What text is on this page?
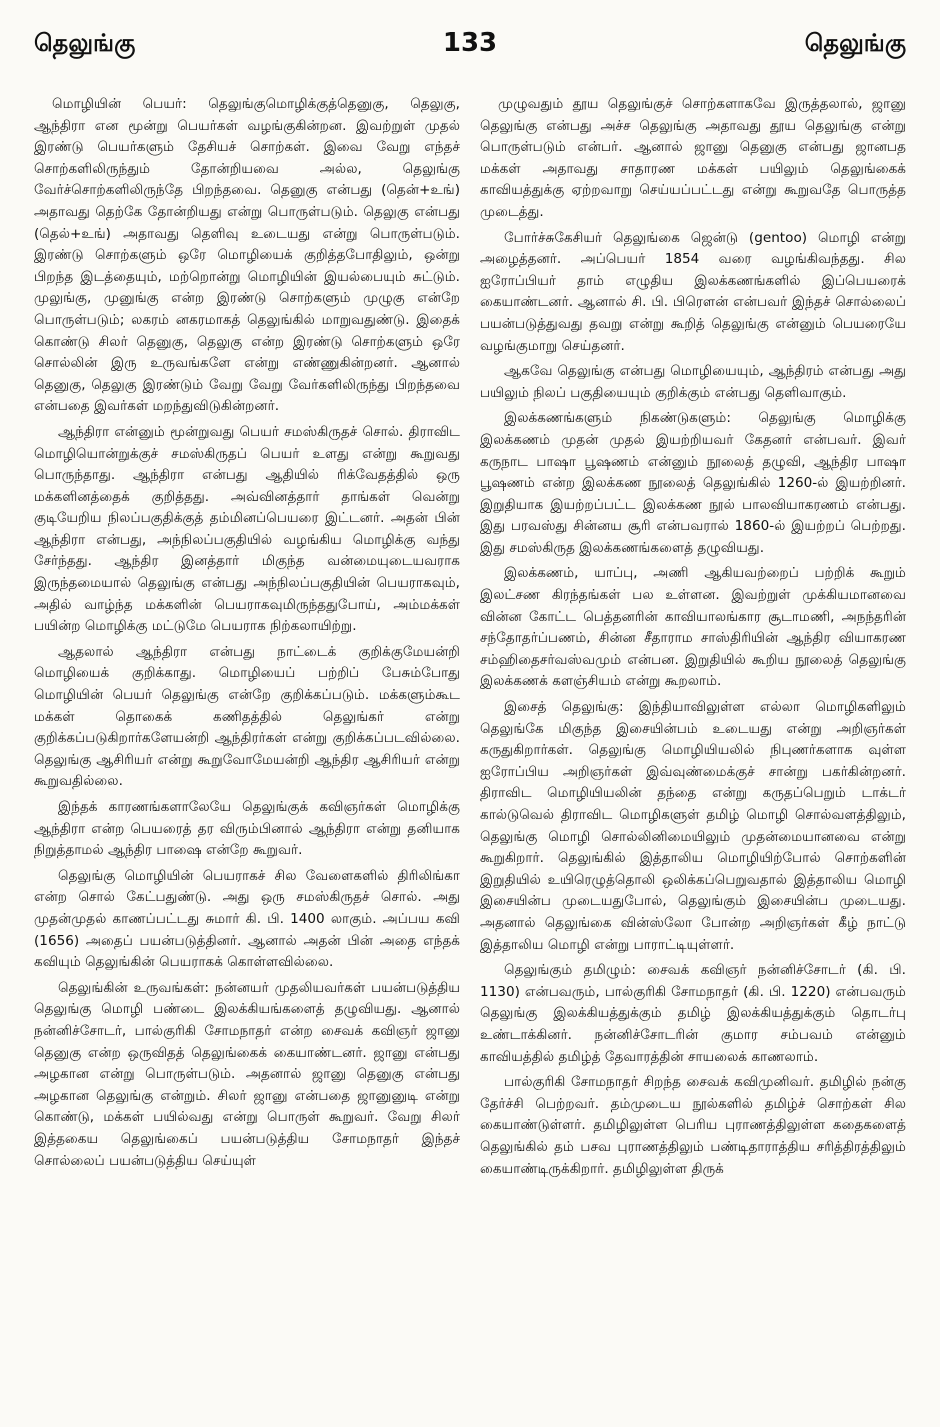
தெலுங்கு	133	தெலுங்கு

மொழியின் பெயர்: தெலுங்குமொழிக்குத்தெனுகு, தெலுகு, ஆந்திரா என மூன்று பெயர்கள் வழங்குகின்றன. இவற்றுள் முதல் இரண்டு பெயர்களும் தேசியச் சொற்கள். இவை வேறு எந்தச் சொற்களிலிருந்தும் தோன்றியவை அல்ல, தெலுங்கு வேர்ச்சொற்களிலிருந்தே பிறந்தவை. தெனுகு என்பது (தென்+உங்) அதாவது தெற்கே தோன்றியது என்று பொருள்படும். தெலுகு என்பது (தெல்+உங்) அதாவது தெளிவு உடையது என்று பொருள்படும். இரண்டு சொற்களும் ஒரே மொழியைக் குறித்தபோதிலும், ஒன்று பிறந்த இடத்தையும், மற்றொன்று மொழியின் இயல்பையும் சுட்டும். முலுங்கு, முனுங்கு என்ற இரண்டு சொற்களும் முழுகு என்றே பொருள்படும்; லகரம் னகரமாகத் தெலுங்கில் மாறுவதுண்டு. இதைக் கொண்டு சிலர் தெனுகு, தெலுகு என்ற இரண்டு சொற்களும் ஒரே சொல்லின் இரு உருவங்களே என்று எண்ணுகின்றனர். ஆனால் தெனுகு, தெலுகு இரண்டும் வேறு வேறு வேர்களிலிருந்து பிறந்தவை என்பதை இவர்கள் மறந்துவிடுகின்றனர்.

ஆந்திரா என்னும் மூன்றுவது பெயர் சமஸ்கிருதச் சொல். திராவிட மொழியொன்றுக்குச் சமஸ்கிருதப் பெயர் உளது என்று கூறுவது பொருந்தாது. ஆந்திரா என்பது ஆதியில் ரிக்வேதத்தில் ஒரு மக்களினத்தைக் குறித்தது. அவ்வினத்தார் தாங்கள் வென்று குடியேறிய நிலப்பகுதிக்குத் தம்மினப்பெயரை இட்டனர். அதன் பின் ஆந்திரா என்பது, அந்நிலப்பகுதியில் வழங்கிய மொழிக்கு வந்து சேர்ந்தது. ஆந்திர இனத்தார் மிகுந்த வன்மையுடையவராக இருந்தமையால் தெலுங்கு என்பது அந்நிலப்பகுதியின் பெயராகவும், அதில் வாழ்ந்த மக்களின் பெயராகவுமிருந்ததுபோய், அம்மக்கள் பயின்ற மொழிக்கு மட்டுமே பெயராக நிற்கலாயிற்று.

ஆதலால் ஆந்திரா என்பது நாட்டைக் குறிக்குமேயன்றி மொழியைக் குறிக்காது. மொழியைப் பற்றிப் பேசும்போது மொழியின் பெயர் தெலுங்கு என்றே குறிக்கப்படும். மக்களும்கூட மக்கள் தொகைக் கணிதத்தில் தெலுங்கர் என்று குறிக்கப்படுகிறார்களேயன்றி ஆந்திரர்கள் என்று குறிக்கப்படவில்லை. தெலுங்கு ஆசிரியர் என்று கூறுவோமேயன்றி ஆந்திர ஆசிரியர் என்று கூறுவதில்லை.

இந்தக் காரணங்களாலேயே தெலுங்குக் கவிஞர்கள் மொழிக்கு ஆந்திரா என்ற பெயரைத் தர விரும்பினால் ஆந்திரா என்று தனியாக நிறுத்தாமல் ஆந்திர பாஷை என்றே கூறுவர்.

தெலுங்கு மொழியின் பெயராகச் சில வேளைகளில் திரிலிங்கா என்ற சொல் கேட்பதுண்டு. அது ஒரு சமஸ்கிருதச் சொல். அது முதன்முதல் காணப்பட்டது சுமார் கி. பி. 1400 லாகும். அப்பய கவி (1656) அதைப் பயன்படுத்தினர். ஆனால் அதன் பின் அதை எந்தக் கவியும் தெலுங்கின் பெயராகக் கொள்ளவில்லை.

தெலுங்கின் உருவங்கள்: நன்னயர் முதலியவர்கள் பயன்படுத்திய தெலுங்கு மொழி பண்டை இலக்கியங்களைத் தழுவியது. ஆனால் நன்னிச்சோடர், பால்குரிகி சோமநாதர் என்ற சைவக் கவிஞர் ஜானு தெனுகு என்ற ஒருவிதத் தெலுங்கைக் கையாண்டனர். ஜானு என்பது அழகான என்று பொருள்படும். அதனால் ஜானு தெனுகு என்பது அழகான தெலுங்கு என்றும். சிலர் ஜானு என்பதை ஜானுனுடி என்று கொண்டு, மக்கள் பயில்வது என்று பொருள் கூறுவர். வேறு சிலர் இத்தகைய தெலுங்கைப் பயன்படுத்திய சோமநாதர் இந்தச் சொல்லைப் பயன்படுத்திய செய்யுள்

முழுவதும் தூய தெலுங்குச் சொற்களாகவே இருத்தலால், ஜானு தெலுங்கு என்பது அச்ச தெலுங்கு அதாவது தூய தெலுங்கு என்று பொருள்படும் என்பர். ஆனால் ஜானு தெனுகு என்பது ஜானபத மக்கள் அதாவது சாதாரண மக்கள் பயிலும் தெலுங்கைக் காவியத்துக்கு ஏற்றவாறு செய்யப்பட்டது என்று கூறுவதே பொருத்த முடைத்து.

போர்ச்சுகேசியர் தெலுங்கை ஜென்டு (gentoo) மொழி என்று அழைத்தனர். அப்பெயர் 1854 வரை வழங்கிவந்தது. சில ஐரோப்பியர் தாம் எழுதிய இலக்கணங்களில் இப்பெயரைக் கையாண்டனர். ஆனால் சி. பி. பிரௌன் என்பவர் இந்தச் சொல்லைப் பயன்படுத்துவது தவறு என்று கூறித் தெலுங்கு என்னும் பெயரையே வழங்குமாறு செய்தனர்.

ஆகவே தெலுங்கு என்பது மொழியையும், ஆந்திரம் என்பது அது பயிலும் நிலப் பகுதியையும் குறிக்கும் என்பது தெளிவாகும்.

இலக்கணங்களும் நிகண்டுகளும்: தெலுங்கு மொழிக்கு இலக்கணம் முதன் முதல் இயற்றியவர் கேதனர் என்பவர். இவர் கருநாட பாஷா பூஷணம் என்னும் நூலைத் தழுவி, ஆந்திர பாஷா பூஷணம் என்ற இலக்கண நூலைத் தெலுங்கில் 1260-ல் இயற்றினர். இறுதியாக இயற்றப்பட்ட இலக்கண நூல் பாலவியாகரணம் என்பது. இது பரவஸ்து சின்னய சூரி என்பவரால் 1860-ல் இயற்றப் பெற்றது. இது சமஸ்கிருத இலக்கணங்களைத் தழுவியது.

இலக்கணம், யாப்பு, அணி ஆகியவற்றைப் பற்றிக் கூறும் இலட்சண கிரந்தங்கள் பல உள்ளன. இவற்றுள் முக்கியமானவை வின்ன கோட்ட பெத்தனரின் காவியாலங்கார சூடாமணி, அநந்தரின் சந்தோதர்ப்பணம், சின்ன சீதாராம சாஸ்திரியின் ஆந்திர வியாகரண சம்ஹிதைசர்வஸ்வமும் என்பன. இறுதியில் கூறிய நூலைத் தெலுங்கு இலக்கணக் களஞ்சியம் என்று கூறலாம்.

இசைத் தெலுங்கு: இந்தியாவிலுள்ள எல்லா மொழிகளிலும் தெலுங்கே மிகுந்த இசையின்பம் உடையது என்று அறிஞர்கள் கருதுகிறார்கள். தெலுங்கு மொழியியலில் நிபுணர்களாக வுள்ள ஐரோப்பிய அறிஞர்கள் இவ்வுண்மைக்குச் சான்று பகர்கின்றனர். திராவிட மொழியியலின் தந்தை என்று கருதப்பெறும் டாக்டர் கால்டுவெல் திராவிட மொழிகளுள் தமிழ் மொழி சொல்வளத்திலும், தெலுங்கு மொழி சொல்லினிமையிலும் முதன்மையானவை என்று கூறுகிறார். தெலுங்கில் இத்தாலிய மொழியிற்போல் சொற்களின் இறுதியில் உயிரெழுத்தொலி ஒலிக்கப்பெறுவதால் இத்தாலிய மொழி இசையின்ப முடையதுபோல், தெலுங்கும் இசையின்ப முடையது. அதனால் தெலுங்கை வின்ஸ்லோ போன்ற அறிஞர்கள் கீழ் நாட்டு இத்தாலிய மொழி என்று பாராட்டியுள்ளர்.

தெலுங்கும் தமிழும்: சைவக் கவிஞர் நன்னிச்சோடர் (கி. பி. 1130) என்பவரும், பால்குரிகி சோமநாதர் (கி. பி. 1220) என்பவரும் தெலுங்கு இலக்கியத்துக்கும் தமிழ் இலக்கியத்துக்கும் தொடர்பு உண்டாக்கினர். நன்னிச்சோடரின் குமார சம்பவம் என்னும் காவியத்தில் தமிழ்த் தேவாரத்தின் சாயலைக் காணலாம்.

பால்குரிகி சோமநாதர் சிறந்த சைவக் கவிமுனிவர். தமிழில் நன்கு தேர்ச்சி பெற்றவர். தம்முடைய நூல்களில் தமிழ்ச் சொற்கள் சில கையாண்டுள்ளர். தமிழிலுள்ள பெரிய புராணத்திலுள்ள கதைகளைத் தெலுங்கில் தம் பசவ புராணத்திலும் பண்டிதாராத்திய சரித்திரத்திலும் கையாண்டிருக்கிறார். தமிழிலுள்ள திருக்
